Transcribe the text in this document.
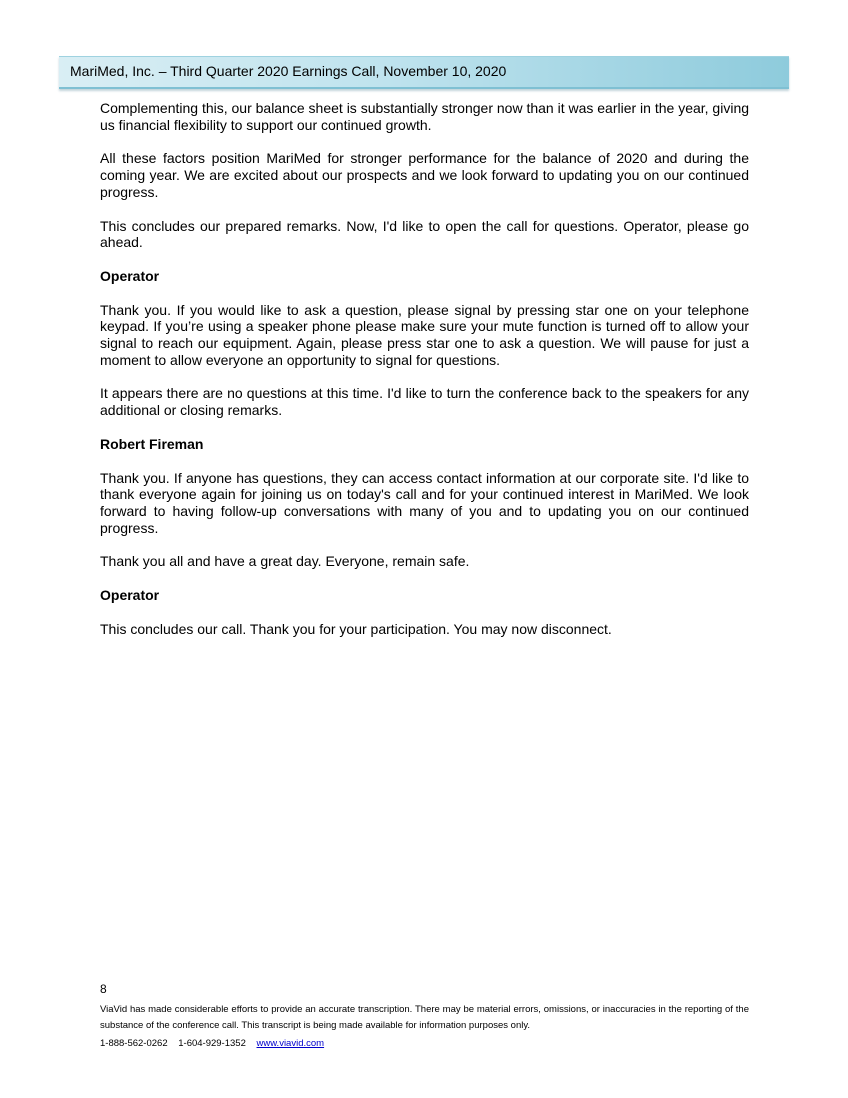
MariMed, Inc. – Third Quarter 2020 Earnings Call, November 10, 2020

Complementing this, our balance sheet is substantially stronger now than it was earlier in the year, giving us financial flexibility to support our continued growth.

All these factors position MariMed for stronger performance for the balance of 2020 and during the coming year. We are excited about our prospects and we look forward to updating you on our continued progress.

This concludes our prepared remarks. Now, I'd like to open the call for questions. Operator, please go ahead.

Operator

Thank you. If you would like to ask a question, please signal by pressing star one on your telephone keypad. If you’re using a speaker phone please make sure your mute function is turned off to allow your signal to reach our equipment. Again, please press star one to ask a question. We will pause for just a moment to allow everyone an opportunity to signal for questions.

It appears there are no questions at this time. I'd like to turn the conference back to the speakers for any additional or closing remarks.

Robert Fireman

Thank you. If anyone has questions, they can access contact information at our corporate site. I'd like to thank everyone again for joining us on today's call and for your continued interest in MariMed. We look forward to having follow-up conversations with many of you and to updating you on our continued progress.

Thank you all and have a great day. Everyone, remain safe.

Operator

This concludes our call. Thank you for your participation. You may now disconnect.

8
ViaVid has made considerable efforts to provide an accurate transcription. There may be material errors, omissions, or inaccuracies in the reporting of the substance of the conference call. This transcript is being made available for information purposes only.
1-888-562-0262 1-604-929-1352 www.viavid.com
